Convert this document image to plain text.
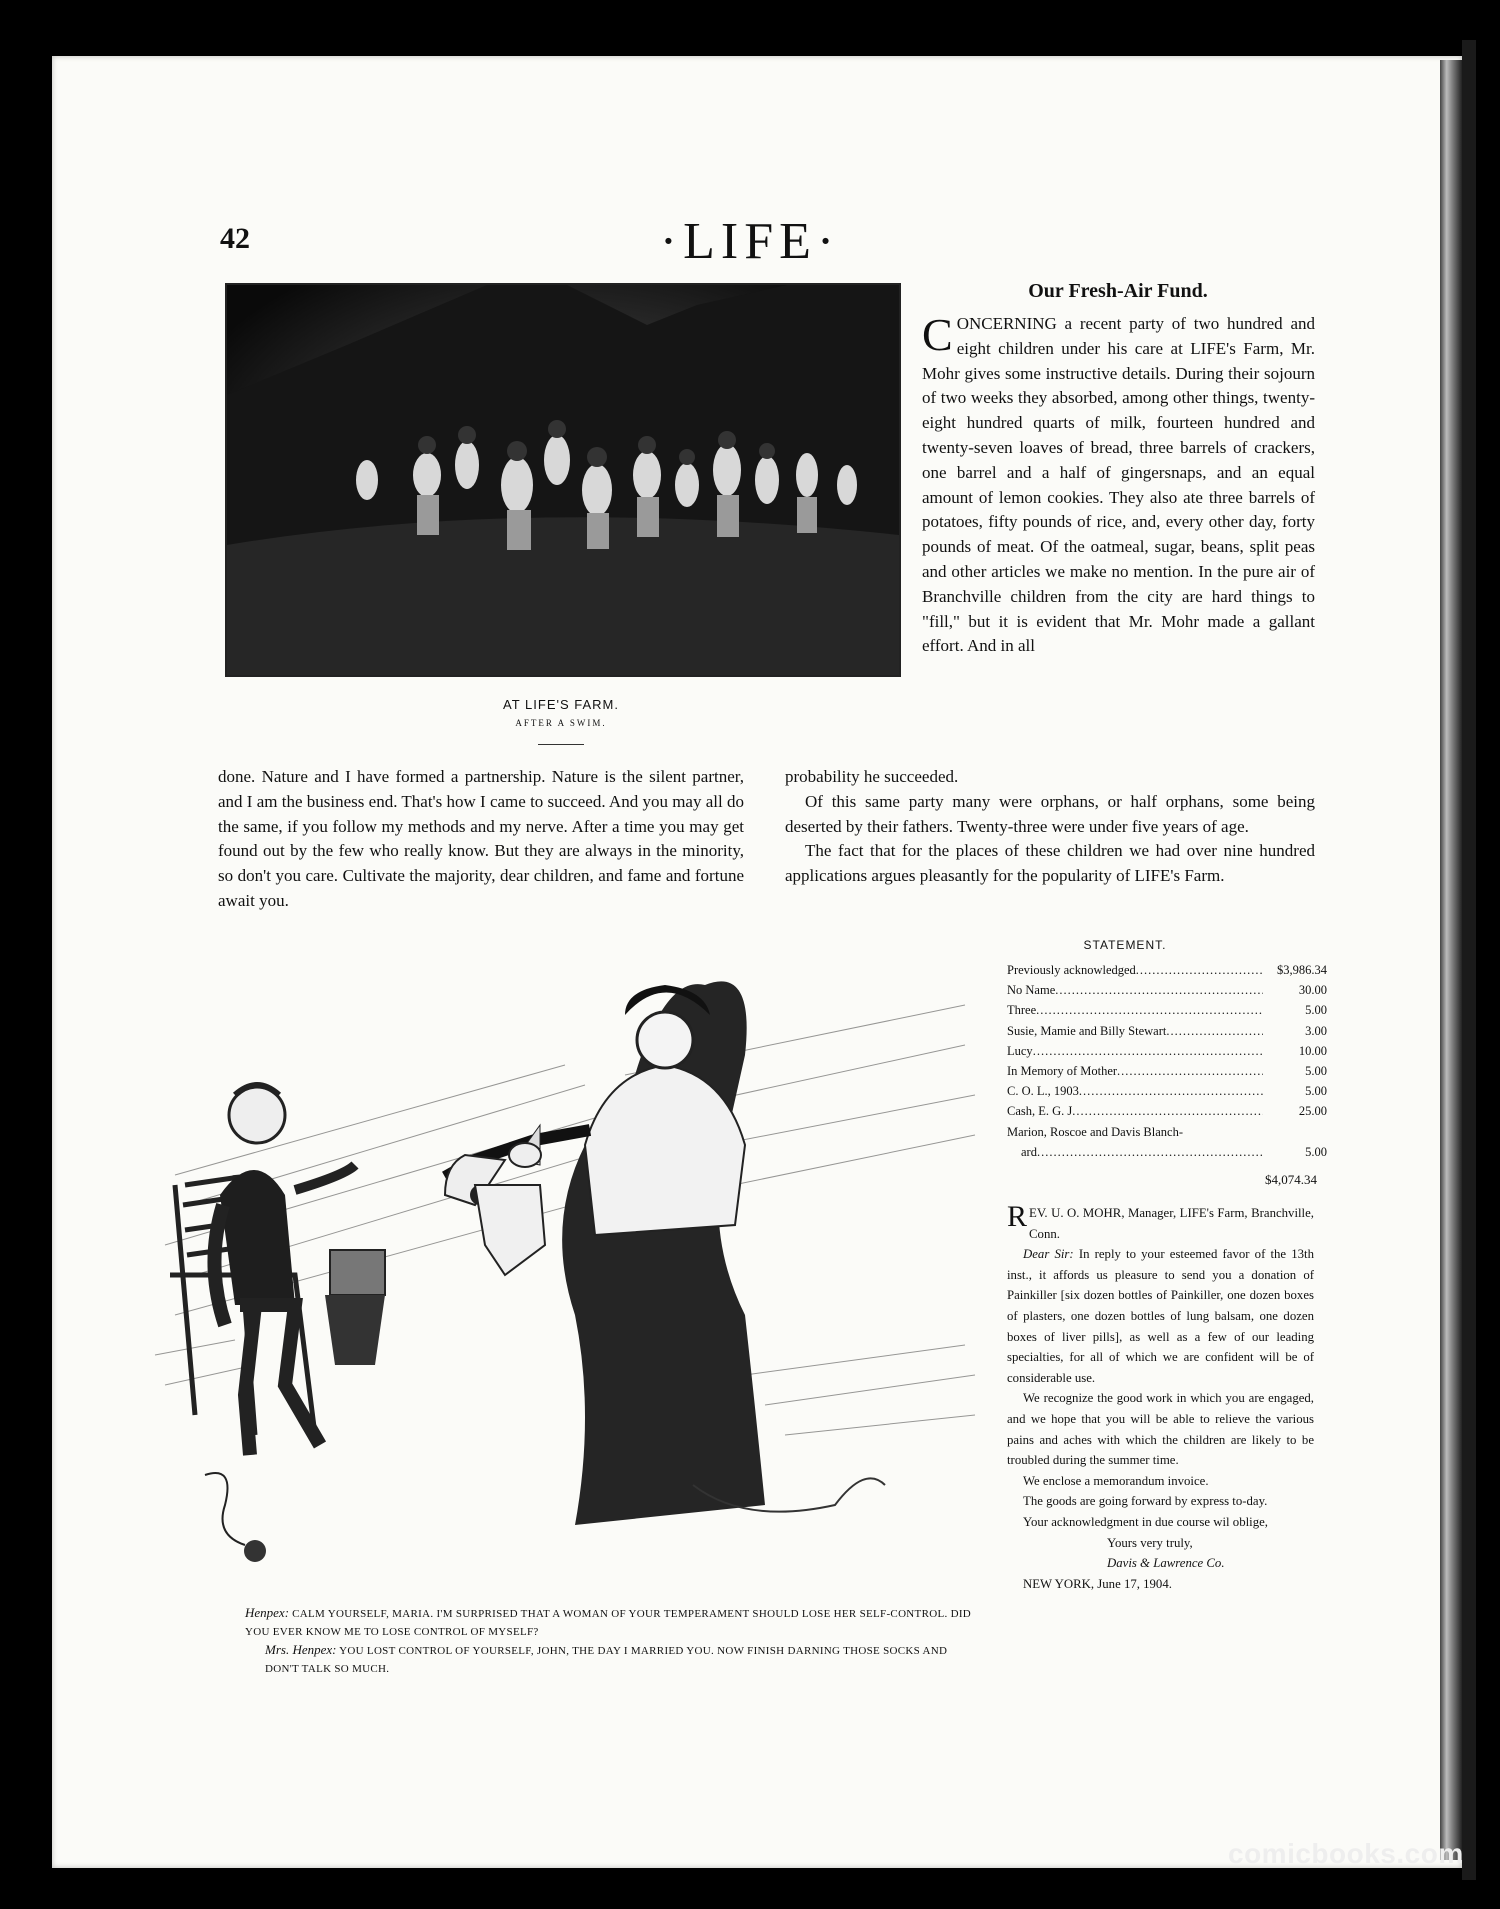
42	·LIFE·
AT LIFE'S FARM.
AFTER A SWIM.
Our Fresh-Air Fund.

CONCERNING a recent party of two hundred and eight children under his care at LIFE's Farm, Mr. Mohr gives some instructive details. During their sojourn of two weeks they absorbed, among other things, twenty-eight hundred quarts of milk, fourteen hundred and twenty-seven loaves of bread, three barrels of crackers, one barrel and a half of gingersnaps, and an equal amount of lemon cookies. They also ate three barrels of potatoes, fifty pounds of rice, and, every other day, forty pounds of meat. Of the oatmeal, sugar, beans, split peas and other articles we make no mention. In the pure air of Branchville children from the city are hard things to "fill," but it is evident that Mr. Mohr made a gallant effort. And in all

done. Nature and I have formed a partnership. Nature is the silent partner, and I am the business end. That's how I came to succeed. And you may all do the same, if you follow my methods and my nerve. After a time you may get found out by the few who really know. But they are always in the minority, so don't you care. Cultivate the majority, dear children, and fame and fortune await you.

probability he succeeded.

Of this same party many were orphans, or half orphans, some being deserted by their fathers. Twenty-three were under five years of age.

The fact that for the places of these children we had over nine hundred applications argues pleasantly for the popularity of LIFE's Farm.

Henpex: CALM YOURSELF, MARIA. I'M SURPRISED THAT A WOMAN OF YOUR TEMPERAMENT SHOULD LOSE HER SELF-CONTROL. DID YOU EVER KNOW ME TO LOSE CONTROL OF MYSELF?
Mrs. Henpex: YOU LOST CONTROL OF YOURSELF, JOHN, THE DAY I MARRIED YOU. NOW FINISH DARNING THOSE SOCKS AND DON'T TALK SO MUCH.
STATEMENT.
Previously acknowledged .....	$3,986.34
No Name .....	30.00
Three .....	5.00
Susie, Mamie and Billy Stewart .....	3.00
Lucy .....	10.00
In Memory of Mother .....	5.00
C. O. L., 1903 .....	5.00
Cash, E. G. J .....	25.00
Marion, Roscoe and Davis Blanch-
ard .....	5.00
$4,074.34

REV. U. O. MOHR, Manager, LIFE's Farm, Branchville, Conn.

Dear Sir: In reply to your esteemed favor of the 13th inst., it affords us pleasure to send you a donation of Painkiller [six dozen bottles of Painkiller, one dozen boxes of plasters, one dozen bottles of lung balsam, one dozen boxes of liver pills], as well as a few of our leading specialties, for all of which we are confident will be of considerable use.

We recognize the good work in which you are engaged, and we hope that you will be able to relieve the various pains and aches with which the children are likely to be troubled during the summer time.

We enclose a memorandum invoice.

The goods are going forward by express to-day.

Your acknowledgment in due course wil oblige,

Yours very truly,

Davis & Lawrence Co.

NEW YORK, June 17, 1904.

comicbooks.com
